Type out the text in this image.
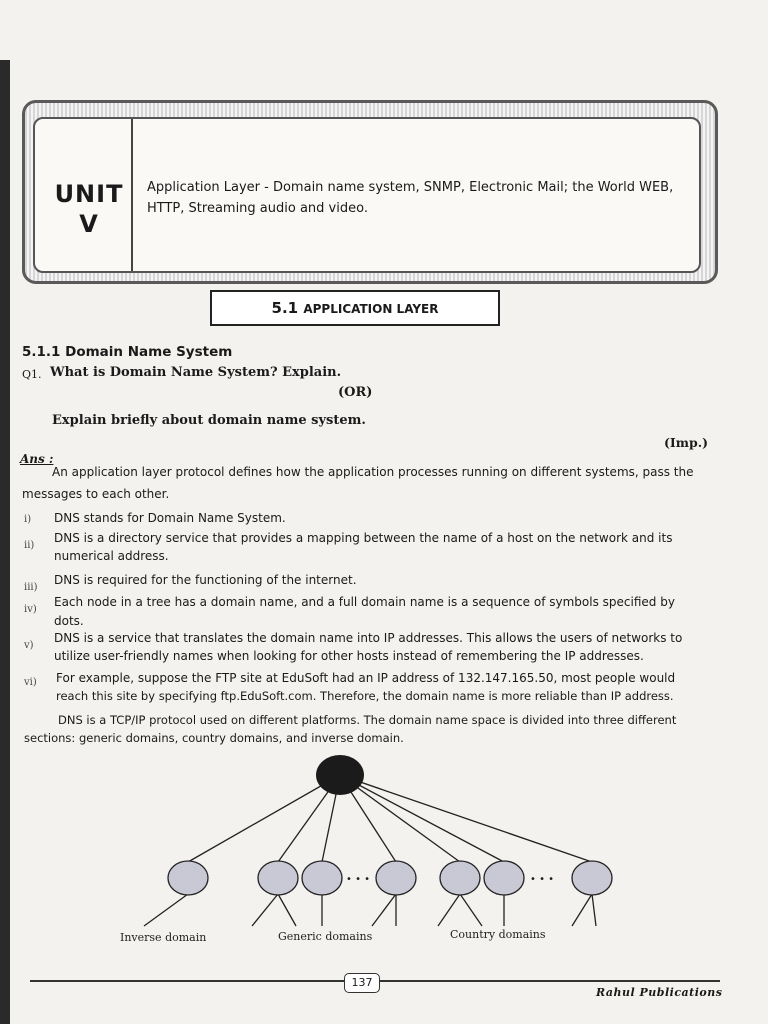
UNIT
V
Application Layer - Domain name system, SNMP, Electronic Mail; the World WEB,
HTTP, Streaming audio and video.
5.1 APPLICATION LAYER
5.1.1 Domain Name System
Q1. What is Domain Name System? Explain.
(OR)
Explain briefly about domain name system.
(Imp.)
Ans :
An application layer protocol defines how the application processes running on different systems, pass the
messages to each other.
i) DNS stands for Domain Name System.
ii)
DNS is a directory service that provides a mapping between the name of a host on the network and its
numerical address.
iii)
DNS is required for the functioning of the internet.
iv)
Each node in a tree has a domain name, and a full domain name is a sequence of symbols specified by
dots.
v)
DNS is a service that translates the domain name into IP addresses. This allows the users of networks to
utilize user-friendly names when looking for other hosts instead of remembering the IP addresses.
vi) For example, suppose the FTP site at EduSoft had an IP address of 132.147.165.50, most people would
reach this site by specifying ftp.EduSoft.com. Therefore, the domain name is more reliable than IP address.
DNS is a TCP/IP protocol used on different platforms. The domain name space is divided into three different
sections: generic domains, country domains, and inverse domain.
• • •	• • •
Inverse domain	Generic domains	Country domains
137
Rahul Publications
